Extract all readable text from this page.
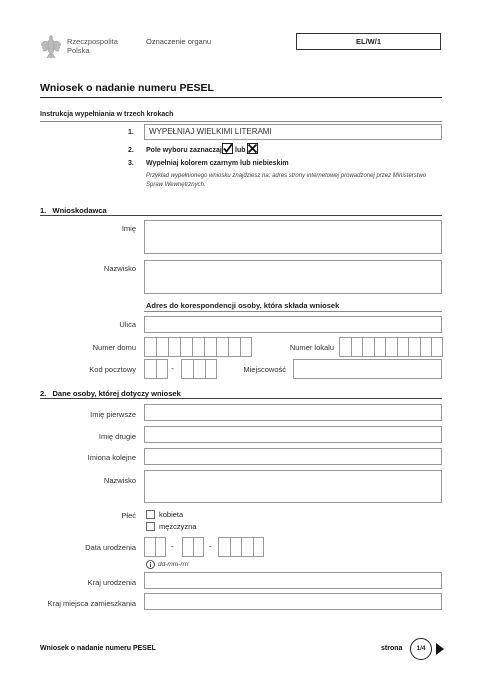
Rzeczpospolita
Polska
Oznaczenie organu	EL/W/1
Wniosek o nadanie numeru PESEL
Instrukcja wypełniania w trzech krokach
1.	WYPEŁNIAJ WIELKIMI LITERAMI
2. Pole wyboru zaznaczaj lub
3. Wypełniaj kolorem czarnym lub niebieskim
Przykład wypełnionego wniosku znajdziesz na: adres strony internetowej prowadzonej przez Ministerstwo Spraw Wewnętrznych.
1.   Wnioskodawca
Imię
Nazwisko
Adres do korespondencji osoby, która składa wniosek
Ulica
Numer domu	Numer lokalu
Kod pocztowy	-	Miejscowość
2.   Dane osoby, której dotyczy wniosek
Imię pierwsze
Imię drugie
Imiona kolejne
Nazwisko
Płeć	kobieta
mężczyzna
Data urodzenia	-	-
dd-mm-rrrr
Kraj urodzenia
Kraj miejsca zamieszkania
Wniosek o nadanie numeru PESEL	strona	1/4
